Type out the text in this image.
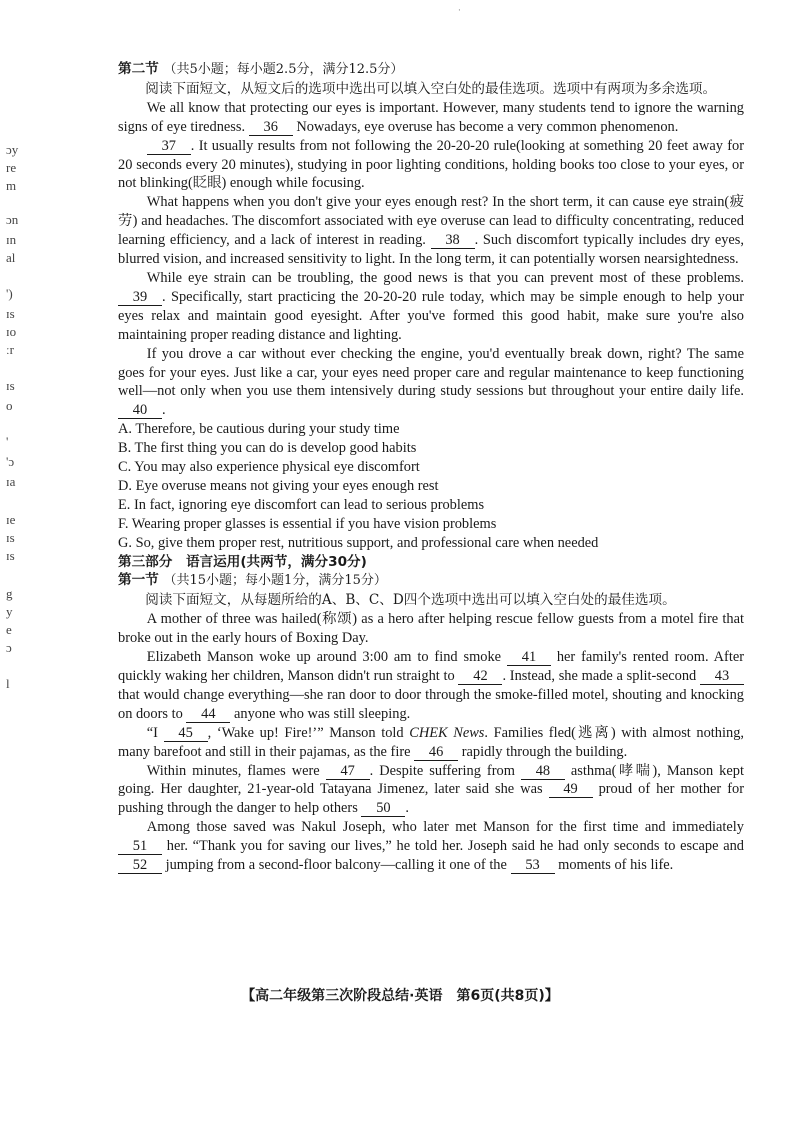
·
ɔy
re
m
ɔn
ɪn
al
')
ɪs
ɪo
ːr
ɪs
o
'
'ɔ
ɪa
ɪe
ɪs
ɪs
g
y
e
ɔ
l

第二节 （共5小题；每小题2.5分，满分12.5分）

阅读下面短文，从短文后的选项中选出可以填入空白处的最佳选项。选项中有两项为多余选项。

We all know that protecting our eyes is important. However, many students tend to ignore the warning signs of eye tiredness. 36 Nowadays, eye overuse has become a very common phenomenon.

37 . It usually results from not following the 20-20-20 rule(looking at something 20 feet away for 20 seconds every 20 minutes), studying in poor lighting conditions, holding books too close to your eyes, or not blinking(眨眼) enough while focusing.

What happens when you don't give your eyes enough rest? In the short term, it can cause eye strain(疲劳) and headaches. The discomfort associated with eye overuse can lead to difficulty concentrating, reduced learning efficiency, and a lack of interest in reading. 38 . Such discomfort typically includes dry eyes, blurred vision, and increased sensitivity to light. In the long term, it can potentially worsen nearsightedness.

While eye strain can be troubling, the good news is that you can prevent most of these problems. 39 . Specifically, start practicing the 20-20-20 rule today, which may be simple enough to help your eyes relax and maintain good eyesight. After you've formed this good habit, make sure you're also maintaining proper reading distance and lighting.

If you drove a car without ever checking the engine, you'd eventually break down, right? The same goes for your eyes. Just like a car, your eyes need proper care and regular maintenance to keep functioning well—not only when you use them intensively during study sessions but throughout your entire daily life. 40 .

A. Therefore, be cautious during your study time

B. The first thing you can do is develop good habits

C. You may also experience physical eye discomfort

D. Eye overuse means not giving your eyes enough rest

E. In fact, ignoring eye discomfort can lead to serious problems

F. Wearing proper glasses is essential if you have vision problems

G. So, give them proper rest, nutritious support, and professional care when needed

第三部分　语言运用(共两节，满分30分)

第一节 （共15小题；每小题1分，满分15分）

阅读下面短文，从每题所给的A、B、C、D四个选项中选出可以填入空白处的最佳选项。

A mother of three was hailed(称颂) as a hero after helping rescue fellow guests from a motel fire that broke out in the early hours of Boxing Day.

Elizabeth Manson woke up around 3:00 am to find smoke 41 her family's rented room. After quickly waking her children, Manson didn't run straight to 42 . Instead, she made a split-second 43 that would change everything—she ran door to door through the smoke-filled motel, shouting and knocking on doors to 44 anyone who was still sleeping.

“I 45 , ‘Wake up! Fire!’” Manson told CHEK News. Families fled(逃离) with almost nothing, many barefoot and still in their pajamas, as the fire 46 rapidly through the building.

Within minutes, flames were 47 . Despite suffering from 48 asthma(哮喘), Manson kept going. Her daughter, 21-year-old Tatayana Jimenez, later said she was 49 proud of her mother for pushing through the danger to help others 50 .

Among those saved was Nakul Joseph, who later met Manson for the first time and immediately 51 her. “Thank you for saving our lives,” he told her. Joseph said he had only seconds to escape and 52 jumping from a second-floor balcony—calling it one of the 53 moments of his life.

【高二年级第三次阶段总结·英语　第6页(共8页)】
